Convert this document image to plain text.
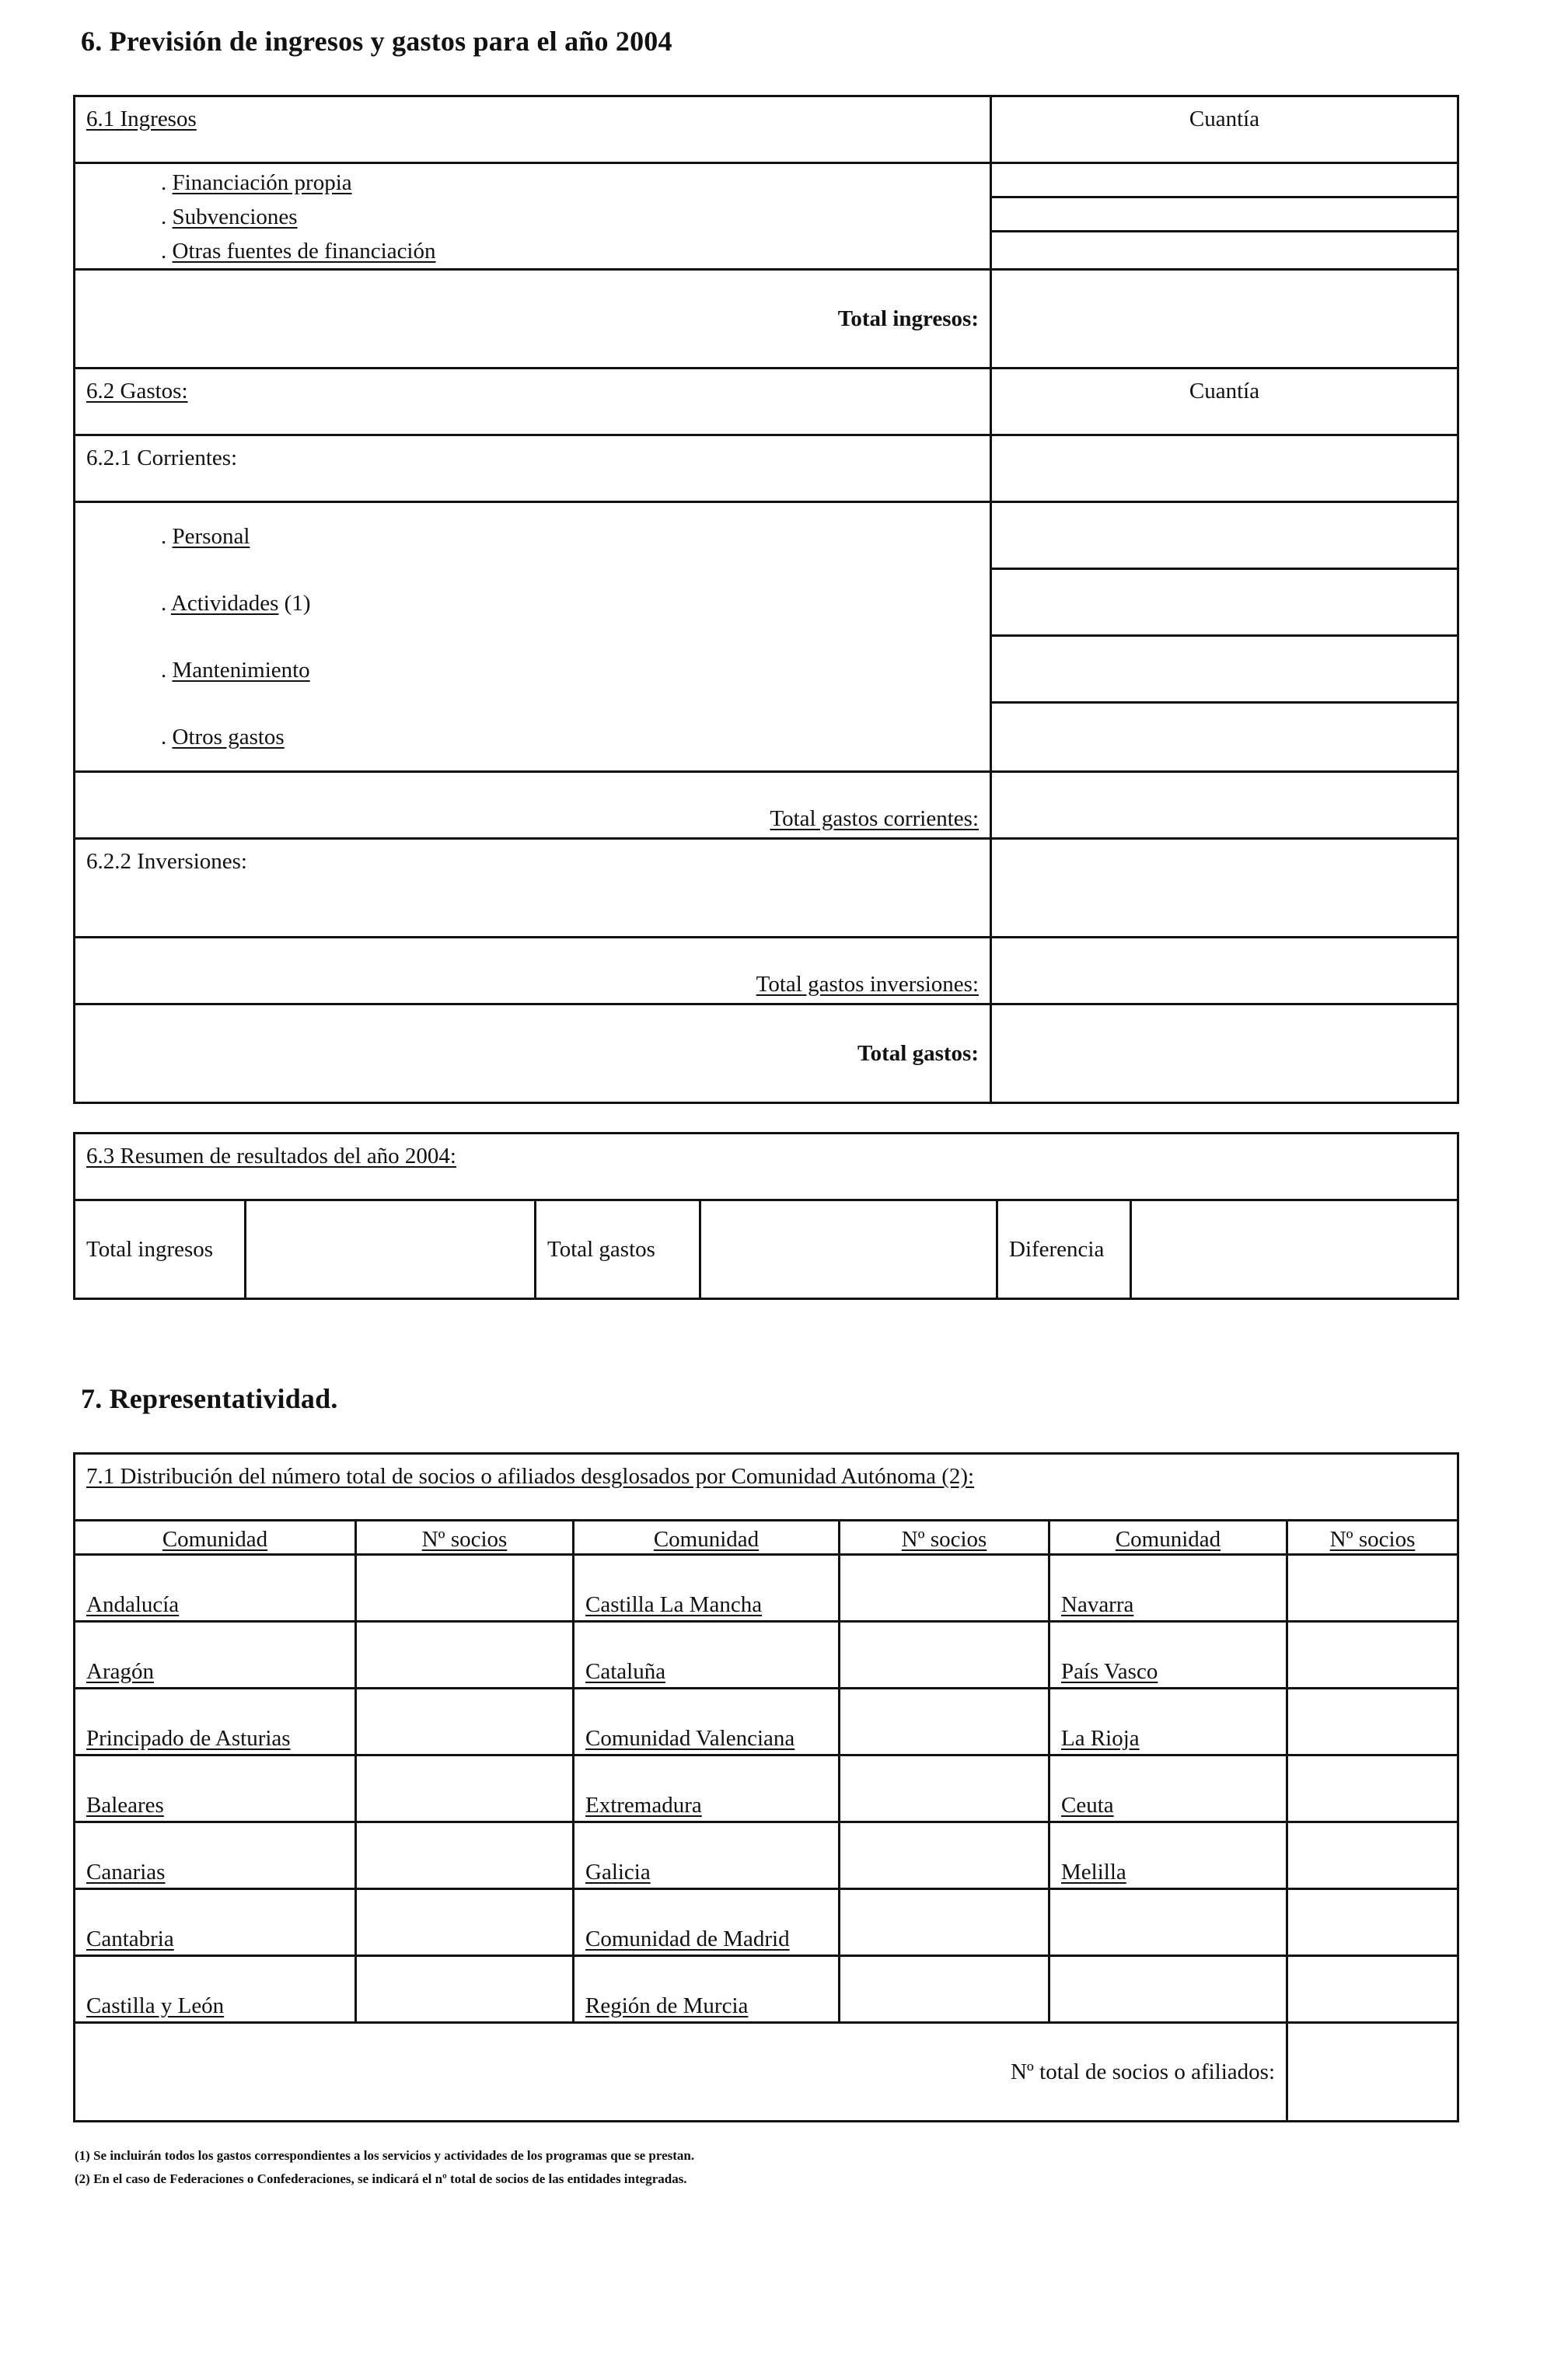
6. Previsión de ingresos y gastos para el año 2004
6.1 Ingresos	Cuantía

. Financiación propia
. Subvenciones
. Otras fuentes de financiación	

Total ingresos:	
6.2 Gastos:	Cuantía
6.2.1 Corrientes:	

. Personal
. Actividades (1)
. Mantenimiento
. Otros gastos	

Total gastos corrientes:	
6.2.2 Inversiones:	
Total gastos inversiones:	
Total gastos:	
6.3 Resumen de resultados del año 2004:
Total ingresos		Total gastos		Diferencia	
7. Representatividad.
7.1 Distribución del número total de socios o afiliados desglosados por Comunidad Autónoma (2):					
Comunidad	Nº socios	Comunidad	Nº socios	Comunidad	Nº socios
Andalucía		Castilla La Mancha		Navarra	
Aragón		Cataluña		País Vasco	
Principado de Asturias		Comunidad Valenciana		La Rioja	
Baleares		Extremadura		Ceuta	
Canarias		Galicia		Melilla	
Cantabria		Comunidad de Madrid			
Castilla y León		Región de Murcia			
Nº total de socios o afiliados:					
(1) Se incluirán todos los gastos correspondientes a los servicios y actividades de los programas que se prestan.
(2) En el caso de Federaciones o Confederaciones, se indicará el nº total de socios de las entidades integradas.
